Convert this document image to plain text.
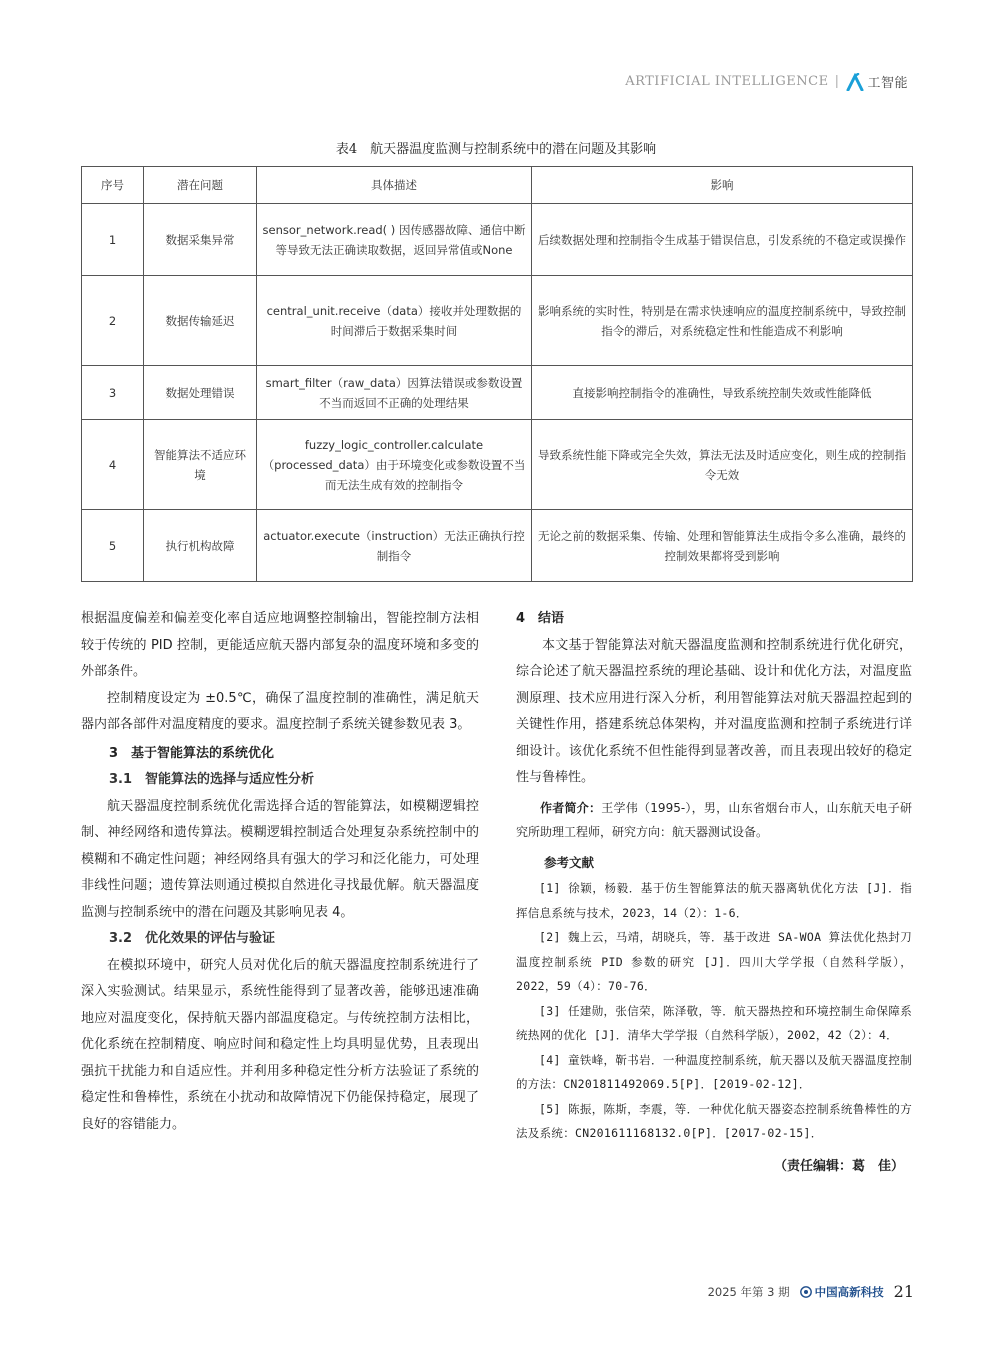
ARTIFICIAL INTELLIGENCE | 工智能
表4　航天器温度监测与控制系统中的潜在问题及其影响
序号	潜在问题	具体描述	影响
1	数据采集异常	sensor_network.read( ) 因传感器故障、通信中断等导致无法正确读取数据，返回异常值或None	后续数据处理和控制指令生成基于错误信息，引发系统的不稳定或误操作
2	数据传输延迟	central_unit.receive（data）接收并处理数据的时间滞后于数据采集时间	影响系统的实时性，特别是在需求快速响应的温度控制系统中，导致控制指令的滞后，对系统稳定性和性能造成不利影响
3	数据处理错误	smart_filter（raw_data）因算法错误或参数设置不当而返回不正确的处理结果	直接影响控制指令的准确性，导致系统控制失效或性能降低
4	智能算法不适应环境	fuzzy_logic_controller.calculate（processed_data）由于环境变化或参数设置不当而无法生成有效的控制指令	导致系统性能下降或完全失效，算法无法及时适应变化，则生成的控制指令无效
5	执行机构故障	actuator.execute（instruction）无法正确执行控制指令	无论之前的数据采集、传输、处理和智能算法生成指令多么准确，最终的控制效果都将受到影响

根据温度偏差和偏差变化率自适应地调整控制输出，智能控制方法相较于传统的 PID 控制，更能适应航天器内部复杂的温度环境和多变的外部条件。

控制精度设定为 ±0.5℃，确保了温度控制的准确性，满足航天器内部各部件对温度精度的要求。温度控制子系统关键参数见表 3。

3　基于智能算法的系统优化

3.1　智能算法的选择与适应性分析

航天器温度控制系统优化需选择合适的智能算法，如模糊逻辑控制、神经网络和遗传算法。模糊逻辑控制适合处理复杂系统控制中的模糊和不确定性问题；神经网络具有强大的学习和泛化能力，可处理非线性问题；遗传算法则通过模拟自然进化寻找最优解。航天器温度监测与控制系统中的潜在问题及其影响见表 4。

3.2　优化效果的评估与验证

在模拟环境中，研究人员对优化后的航天器温度控制系统进行了深入实验测试。结果显示，系统性能得到了显著改善，能够迅速准确地应对温度变化，保持航天器内部温度稳定。与传统控制方法相比，优化系统在控制精度、响应时间和稳定性上均具明显优势，且表现出强抗干扰能力和自适应性。并利用多种稳定性分析方法验证了系统的稳定性和鲁棒性，系统在小扰动和故障情况下仍能保持稳定，展现了良好的容错能力。

4　结语

本文基于智能算法对航天器温度监测和控制系统进行优化研究，综合论述了航天器温控系统的理论基础、设计和优化方法，对温度监测原理、技术应用进行深入分析，利用智能算法对航天器温控起到的关键性作用，搭建系统总体架构，并对温度监测和控制子系统进行详细设计。该优化系统不但性能得到显著改善，而且表现出较好的稳定性与鲁棒性。

作者简介：王学伟（1995-），男，山东省烟台市人，山东航天电子研究所助理工程师，研究方向：航天器测试设备。

参考文献

[1] 徐颖，杨毅．基于仿生智能算法的航天器离轨优化方法 [J]．指挥信息系统与技术，2023，14（2）：1-6．

[2] 魏上云，马靖，胡晓兵，等．基于改进 SA-WOA 算法优化热封刀温度控制系统 PID 参数的研究 [J]．四川大学学报（自然科学版），2022，59（4）：70-76．

[3] 任建勋，张信荣，陈泽敬，等．航天器热控和环境控制生命保障系统热网的优化 [J]．清华大学学报（自然科学版），2002，42（2）：4．

[4] 童铁峰，靳书岩．一种温度控制系统，航天器以及航天器温度控制的方法：CN201811492069.5[P]．[2019-02-12]．

[5] 陈振，陈斯，李震，等．一种优化航天器姿态控制系统鲁棒性的方法及系统：CN201611168132.0[P]．[2017-02-15]．

（责任编辑：葛　佳）
2025 年第 3 期 中国高新科技 21
